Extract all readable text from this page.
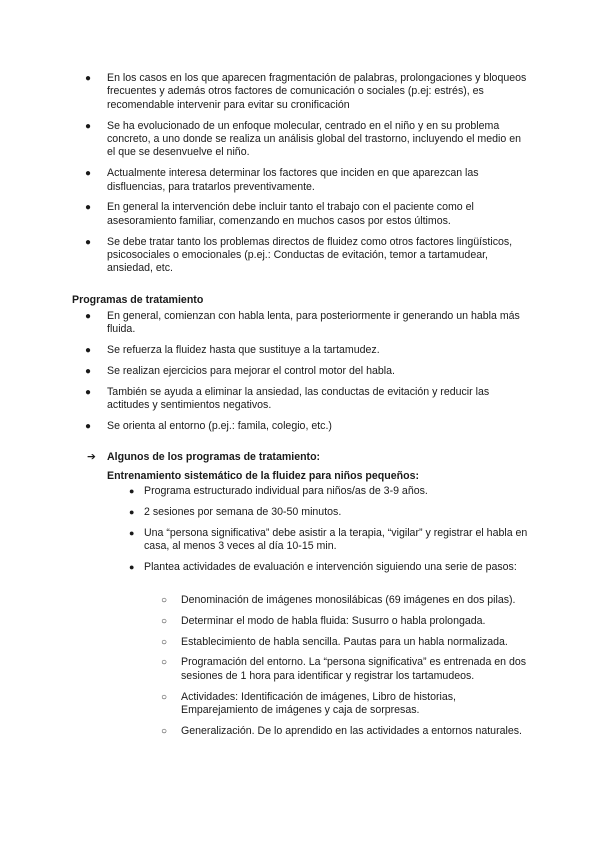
● En los casos en los que aparecen fragmentación de palabras, prolongaciones y bloqueos frecuentes y además otros factores de comunicación o sociales (p.ej: estrés), es recomendable intervenir para evitar su cronificación
● Se ha evolucionado de un enfoque molecular, centrado en el niño y en su problema concreto, a uno donde se realiza un análisis global del trastorno, incluyendo el medio en el que se desenvuelve el niño.
● Actualmente interesa determinar los factores que inciden en que aparezcan las disfluencias, para tratarlos preventivamente.
● En general la intervención debe incluir tanto el trabajo con el paciente como el asesoramiento familiar, comenzando en muchos casos por estos últimos.
● Se debe tratar tanto los problemas directos de fluidez como otros factores lingüísticos, psicosociales o emocionales (p.ej.: Conductas de evitación, temor a tartamudear, ansiedad, etc.
Programas de tratamiento
● En general, comienzan con habla lenta, para posteriormente ir generando un habla más fluida.
● Se refuerza la fluidez hasta que sustituye a la tartamudez.
● Se realizan ejercicios para mejorar el control motor del habla.
● También se ayuda a eliminar la ansiedad, las conductas de evitación y reducir las actitudes y sentimientos negativos.
● Se orienta al entorno (p.ej.: famila, colegio, etc.)
➔ Algunos de los programas de tratamiento:
Entrenamiento sistemático de la fluidez para niños pequeños:
● Programa estructurado individual para niños/as de 3-9 años.
● 2 sesiones por semana de 30-50 minutos.
● Una “persona significativa” debe asistir a la terapia, “vigilar” y registrar el habla en casa, al menos 3 veces al día 10-15 min.
● Plantea actividades de evaluación e intervención siguiendo una serie de pasos:
○ Denominación de imágenes monosilábicas (69 imágenes en dos pilas).
○ Determinar el modo de habla fluida: Susurro o habla prolongada.
○ Establecimiento de habla sencilla. Pautas para un habla normalizada.
○ Programación del entorno. La “persona significativa” es entrenada en dos sesiones de 1 hora para identificar y registrar los tartamudeos.
○ Actividades: Identificación de imágenes, Libro de historias, Emparejamiento de imágenes y caja de sorpresas.
○ Generalización. De lo aprendido en las actividades a entornos naturales.
